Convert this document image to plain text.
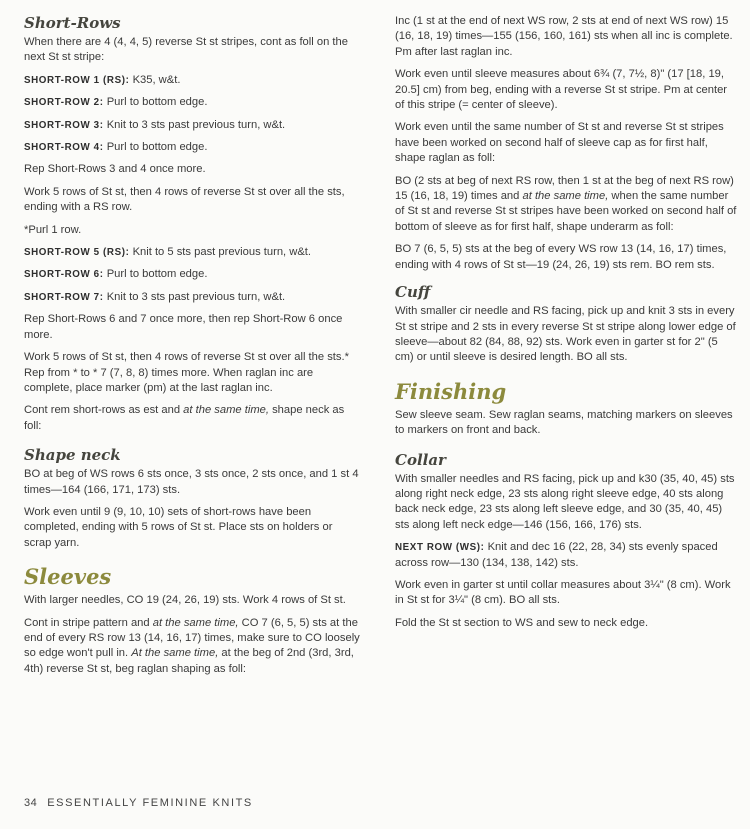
Short-Rows

When there are 4 (4, 4, 5) reverse St st stripes, cont as foll on the next St st stripe:

SHORT-ROW 1 (RS): K35, w&t.

SHORT-ROW 2: Purl to bottom edge.

SHORT-ROW 3: Knit to 3 sts past previous turn, w&t.

SHORT-ROW 4: Purl to bottom edge.

Rep Short-Rows 3 and 4 once more.

Work 5 rows of St st, then 4 rows of reverse St st over all the sts, ending with a RS row.

*Purl 1 row.

SHORT-ROW 5 (RS): Knit to 5 sts past previous turn, w&t.

SHORT-ROW 6: Purl to bottom edge.

SHORT-ROW 7: Knit to 3 sts past previous turn, w&t.

Rep Short-Rows 6 and 7 once more, then rep Short-Row 6 once more.

Work 5 rows of St st, then 4 rows of reverse St st over all the sts.* Rep from * to * 7 (7, 8, 8) times more. When raglan inc are complete, place marker (pm) at the last raglan inc.

Cont rem short-rows as est and at the same time, shape neck as foll:

Shape neck

BO at beg of WS rows 6 sts once, 3 sts once, 2 sts once, and 1 st 4 times—164 (166, 171, 173) sts.

Work even until 9 (9, 10, 10) sets of short-rows have been completed, ending with 5 rows of St st. Place sts on holders or scrap yarn.

Sleeves

With larger needles, CO 19 (24, 26, 19) sts. Work 4 rows of St st.

Cont in stripe pattern and at the same time, CO 7 (6, 5, 5) sts at the end of every RS row 13 (14, 16, 17) times, make sure to CO loosely so edge won't pull in. At the same time, at the beg of 2nd (3rd, 3rd, 4th) reverse St st, beg raglan shaping as foll:

Inc (1 st at the end of next WS row, 2 sts at end of next WS row) 15 (16, 18, 19) times—155 (156, 160, 161) sts when all inc is complete. Pm after last raglan inc.

Work even until sleeve measures about 6¾ (7, 7½, 8)" (17 [18, 19, 20.5] cm) from beg, ending with a reverse St st stripe. Pm at center of this stripe (= center of sleeve).

Work even until the same number of St st and reverse St st stripes have been worked on second half of sleeve cap as for first half, shape raglan as foll:

BO (2 sts at beg of next RS row, then 1 st at the beg of next RS row) 15 (16, 18, 19) times and at the same time, when the same number of St st and reverse St st stripes have been worked on second half of bottom of sleeve as for first half, shape underarm as foll:

BO 7 (6, 5, 5) sts at the beg of every WS row 13 (14, 16, 17) times, ending with 4 rows of St st—19 (24, 26, 19) sts rem. BO rem sts.

Cuff

With smaller cir needle and RS facing, pick up and knit 3 sts in every St st stripe and 2 sts in every reverse St st stripe along lower edge of sleeve—about 82 (84, 88, 92) sts. Work even in garter st for 2" (5 cm) or until sleeve is desired length. BO all sts.

Finishing

Sew sleeve seam. Sew raglan seams, matching markers on sleeves to markers on front and back.

Collar

With smaller needles and RS facing, pick up and k30 (35, 40, 45) sts along right neck edge, 23 sts along right sleeve edge, 40 sts along back neck edge, 23 sts along left sleeve edge, and 30 (35, 40, 45) sts along left neck edge—146 (156, 166, 176) sts.

NEXT ROW (WS): Knit and dec 16 (22, 28, 34) sts evenly spaced across row—130 (134, 138, 142) sts.

Work even in garter st until collar measures about 3¼" (8 cm). Work in St st for 3¼" (8 cm). BO all sts.

Fold the St st section to WS and sew to neck edge.

34 ESSENTIALLY FEMININE KNITS
